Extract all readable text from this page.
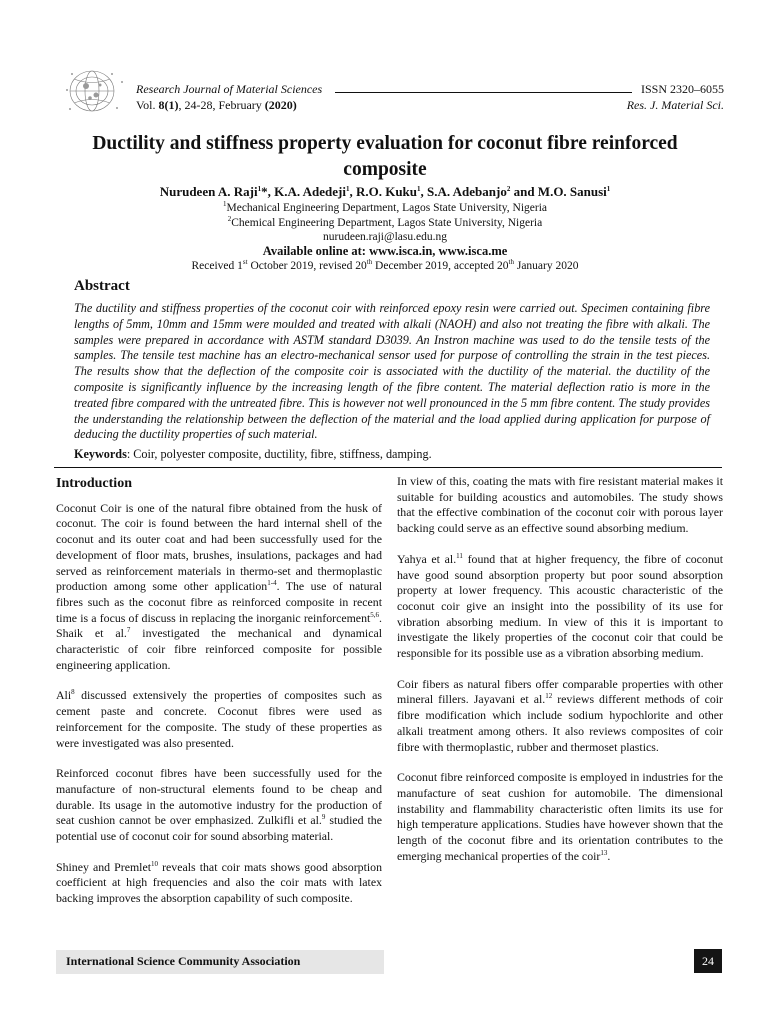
Research Journal of Material Sciences
Vol. 8(1), 24-28, February (2020)
ISSN 2320–6055
Res. J. Material Sci.
Ductility and stiffness property evaluation for coconut fibre reinforced composite
Nurudeen A. Raji$^1$*, K.A. Adedeji$^1$, R.O. Kuku$^1$, S.A. Adebanjo$^2$ and M.O. Sanusi$^1$
$^1$Mechanical Engineering Department, Lagos State University, Nigeria
$^2$Chemical Engineering Department, Lagos State University, Nigeria
nurudeen.raji@lasu.edu.ng
Available online at: www.isca.in, www.isca.me
Received 1st October 2019, revised 20th December 2019, accepted 20th January 2020
Abstract
The ductility and stiffness properties of the coconut coir with reinforced epoxy resin were carried out. Specimen containing fibre lengths of 5mm, 10mm and 15mm were moulded and treated with alkali (NAOH) and also not treating the fibre with alkali. The samples were prepared in accordance with ASTM standard D3039. An Instron machine was used to do the tensile tests of the samples. The tensile test machine has an electro-mechanical sensor used for purpose of controlling the strain in the test pieces. The results show that the deflection of the composite coir is associated with the ductility of the material. the ductility of the composite is significantly influence by the increasing length of the fibre content. The material deflection ratio is more in the treated fibre compared with the untreated fibre. This is however not well pronounced in the 5 mm fibre content. The study provides the understanding the relationship between the deflection of the material and the load applied during application for purpose of deducing the ductility properties of such material.
Keywords: Coir, polyester composite, ductility, fibre, stiffness, damping.
Introduction

Coconut Coir is one of the natural fibre obtained from the husk of coconut. The coir is found between the hard internal shell of the coconut and its outer coat and had been successfully used for the development of floor mats, brushes, insulations, packages and had served as reinforcement materials in thermo-set and thermoplastic production among some other application$^{1-4}$. The use of natural fibres such as the coconut fibre as reinforced composite in recent time is a focus of discuss in replacing the inorganic reinforcement$^{5,6}$. Shaik et al.$^7$ investigated the mechanical and dynamical characteristic of coir fibre reinforced composite for possible engineering application.

Ali$^8$ discussed extensively the properties of composites such as cement paste and concrete. Coconut fibres were used as reinforcement for the composite. The study of these properties as were investigated was also presented.

Reinforced coconut fibres have been successfully used for the manufacture of non-structural elements found to be cheap and durable. Its usage in the automotive industry for the production of seat cushion cannot be over emphasized. Zulkifli et al.$^9$ studied the potential use of coconut coir for sound absorbing material.

Shiney and Premlet$^{10}$ reveals that coir mats shows good absorption coefficient at high frequencies and also the coir mats with latex backing improves the absorption capability of such composite.

In view of this, coating the mats with fire resistant material makes it suitable for building acoustics and automobiles. The study shows that the effective combination of the coconut coir with porous layer backing could serve as an effective sound absorbing medium.

Yahya et al.$^{11}$ found that at higher frequency, the fibre of coconut have good sound absorption property but poor sound absorption property at lower frequency. This acoustic characteristic of the coconut coir give an insight into the possibility of its use for vibration absorbing medium. In view of this it is important to investigate the likely properties of the coconut coir that could be responsible for its possible use as a vibration absorbing medium.

Coir fibers as natural fibers offer comparable properties with other mineral fillers. Jayavani et al.$^{12}$ reviews different methods of coir fibre modification which include sodium hypochlorite and other alkali treatment among others. It also reviews composites of coir fibre with thermoplastic, rubber and thermoset plastics.

Coconut fibre reinforced composite is employed in industries for the manufacture of seat cushion for automobile. The dimensional instability and flammability characteristic often limits its use for high temperature applications. Studies have however shown that the length of the coconut fibre and its orientation contributes to the emerging mechanical properties of the coir$^{13}$.

International Science Community Association	24
